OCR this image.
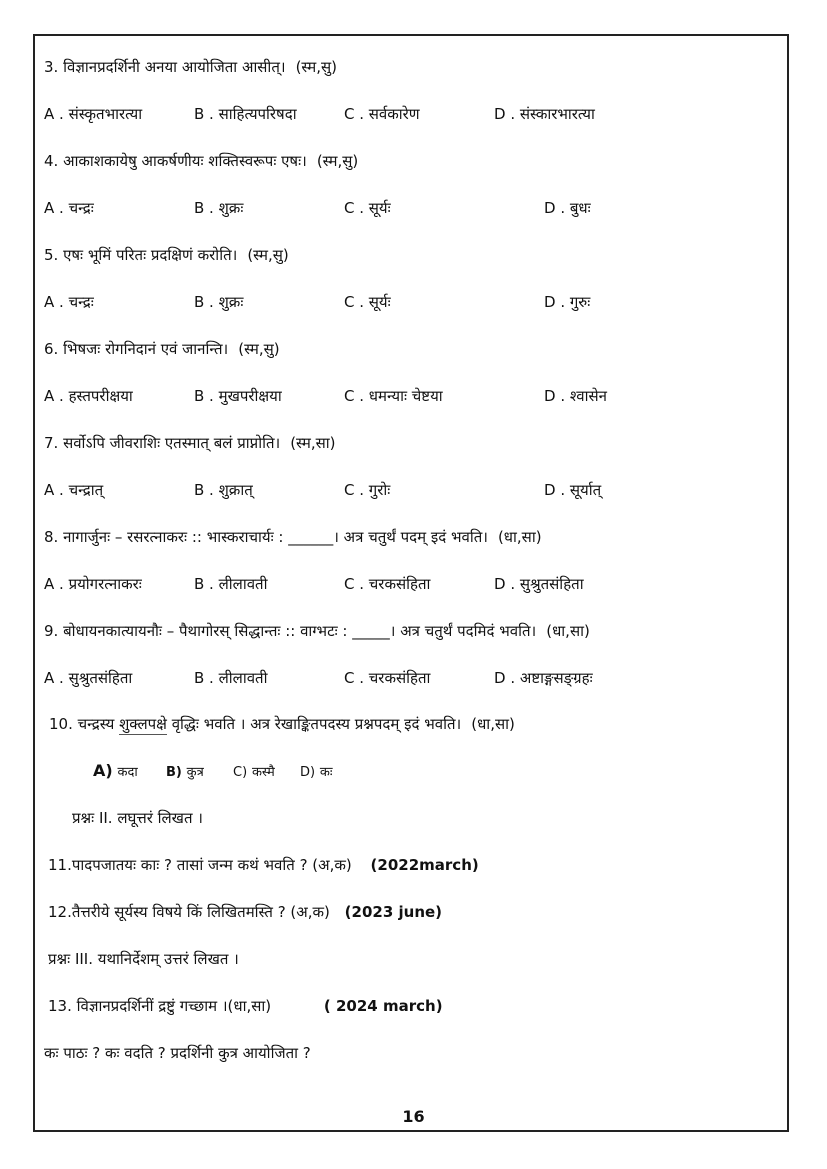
3. विज्ञानप्रदर्शिनी अनया आयोजिता आसीत्। (स्म,सु)
A . संस्कृतभारत्या	B . साहित्यपरिषदा	C . सर्वकारेण	D . संस्कारभारत्या
4. आकाशकायेषु आकर्षणीयः शक्तिस्वरूपः एषः। (स्म,सु)
A . चन्द्रः	B . शुक्रः	C . सूर्यः	D . बुधः
5. एषः भूमिं परितः प्रदक्षिणं करोति। (स्म,सु)
A . चन्द्रः	B . शुक्रः	C . सूर्यः	D . गुरुः
6. भिषजः रोगनिदानं एवं जानन्ति। (स्म,सु)
A . हस्तपरीक्षया	B . मुखपरीक्षया	C . धमन्याः चेष्टया	D . श्वासेन
7. सर्वोऽपि जीवराशिः एतस्मात् बलं प्राप्नोति। (स्म,सा)
A . चन्द्रात्	B . शुक्रात्	C . गुरोः	D . सूर्यात्
8. नागार्जुनः – रसरत्नाकरः :: भास्कराचार्यः : ______। अत्र चतुर्थं पदम् इदं भवति। (धा,सा)
A . प्रयोगरत्नाकरः	B . लीलावती	C . चरकसंहिता	D . सुश्रुतसंहिता
9. बोधायनकात्यायनौः – पैथागोरस् सिद्धान्तः :: वाग्भटः : _____। अत्र चतुर्थं पदमिदं भवति। (धा,सा)
A . सुश्रुतसंहिता	B . लीलावती	C . चरकसंहिता	D . अष्टाङ्गसङ्ग्रहः
10. चन्द्रस्य शुक्लपक्षे वृद्धिः भवति । अत्र रेखाङ्कितपदस्य प्रश्नपदम् इदं भवति। (धा,सा)
A) कदा B) कुत्र C) कस्मै D) कः
प्रश्नः II. लघूत्तरं लिखत ।
11.पादपजातयः काः ? तासां जन्म कथं भवति ? (अ,क) (2022march)
12.तैत्तरीये सूर्यस्य विषये किं लिखितमस्ति ? (अ,क) (2023 june)
प्रश्नः III. यथानिर्देशम् उत्तरं लिखत ।
13. विज्ञानप्रदर्शिनीं द्रष्टुं गच्छाम ।(धा,सा)	( 2024 march)
कः पाठः ? कः वदति ? प्रदर्शिनी कुत्र आयोजिता ?
16
